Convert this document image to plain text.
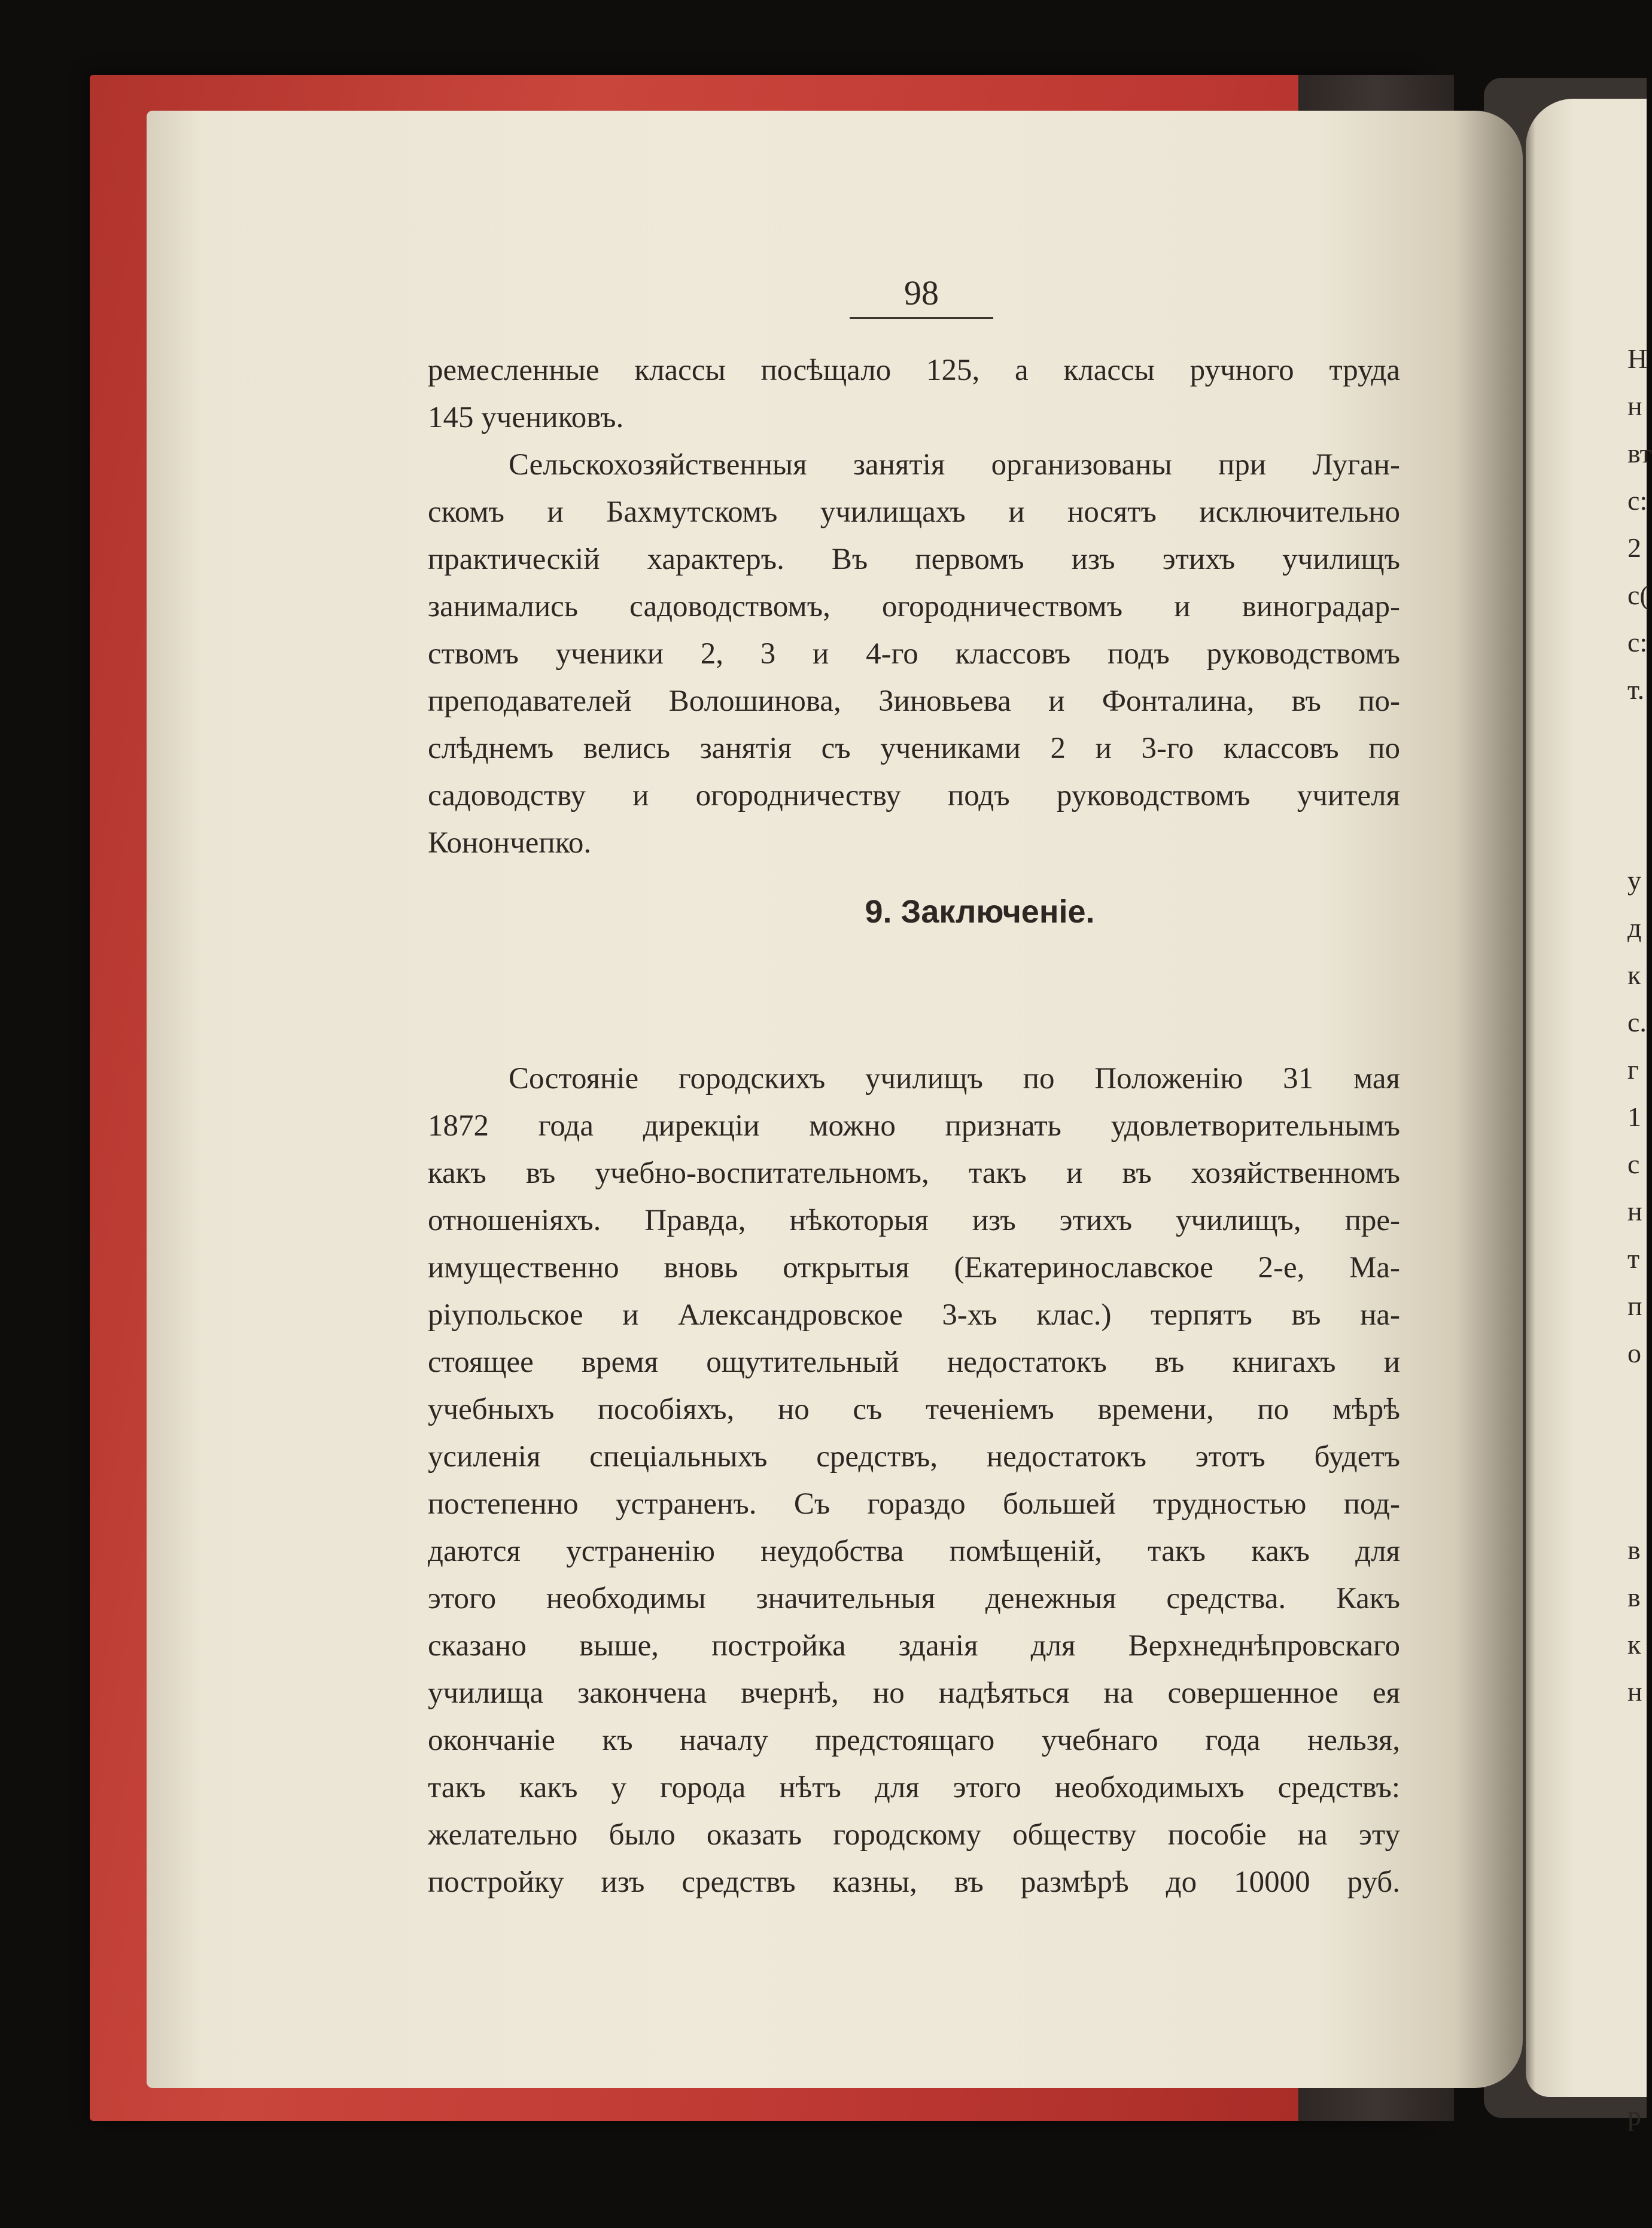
98
ремесленные классы посѣщало 125, а классы ручного труда
145 учениковъ.
Сельскохозяйственныя занятія организованы при Луган-
скомъ и Бахмутскомъ училищахъ и носятъ исключительно
практическій характеръ. Въ первомъ изъ этихъ училищъ
занимались садоводствомъ, огородничествомъ и виноградар-
ствомъ ученики 2, 3 и 4-го классовъ подъ руководствомъ
преподавателей Волошинова, Зиновьева и Фонталина, въ по-
слѣднемъ велись занятія съ учениками 2 и 3-го классовъ по
садоводству и огородничеству подъ руководствомъ учителя
Конончепко.
9. Заключеніе.
Состояніе городскихъ училищъ по Положенію 31 мая
1872 года дирекціи можно признать удовлетворительнымъ
какъ въ учебно-воспитательномъ, такъ и въ хозяйственномъ
отношеніяхъ. Правда, нѣкоторыя изъ этихъ училищъ, пре-
имущественно вновь открытыя (Екатеринославское 2-е, Ма-
ріупольское и Александровское 3-хъ клас.) терпятъ въ на-
стоящее время ощутительный недостатокъ въ книгахъ и
учебныхъ пособіяхъ, но съ теченіемъ времени, по мѣрѣ
усиленія спеціальныхъ средствъ, недостатокъ этотъ будетъ
постепенно устраненъ. Съ гораздо большей трудностью под-
даются устраненію неудобства помѣщеній, такъ какъ для
этого необходимы значительныя денежныя средства. Какъ
сказано выше, постройка зданія для Верхнеднѣпровскаго
училища закончена вчернѣ, но надѣяться на совершенное ея
окончаніе къ началу предстоящаго учебнаго года нельзя,
такъ какъ у города нѣтъ для этого необходимыхъ средствъ:
желательно было оказать городскому обществу пособіе на эту
постройку изъ средствъ казны, въ размѣрѣ до 10000 руб.
Н
н
вт
с:
2
с(
с:
т.
у
д
к
с.
г
1
с
н
т
п
о
в
в
к
н
р
